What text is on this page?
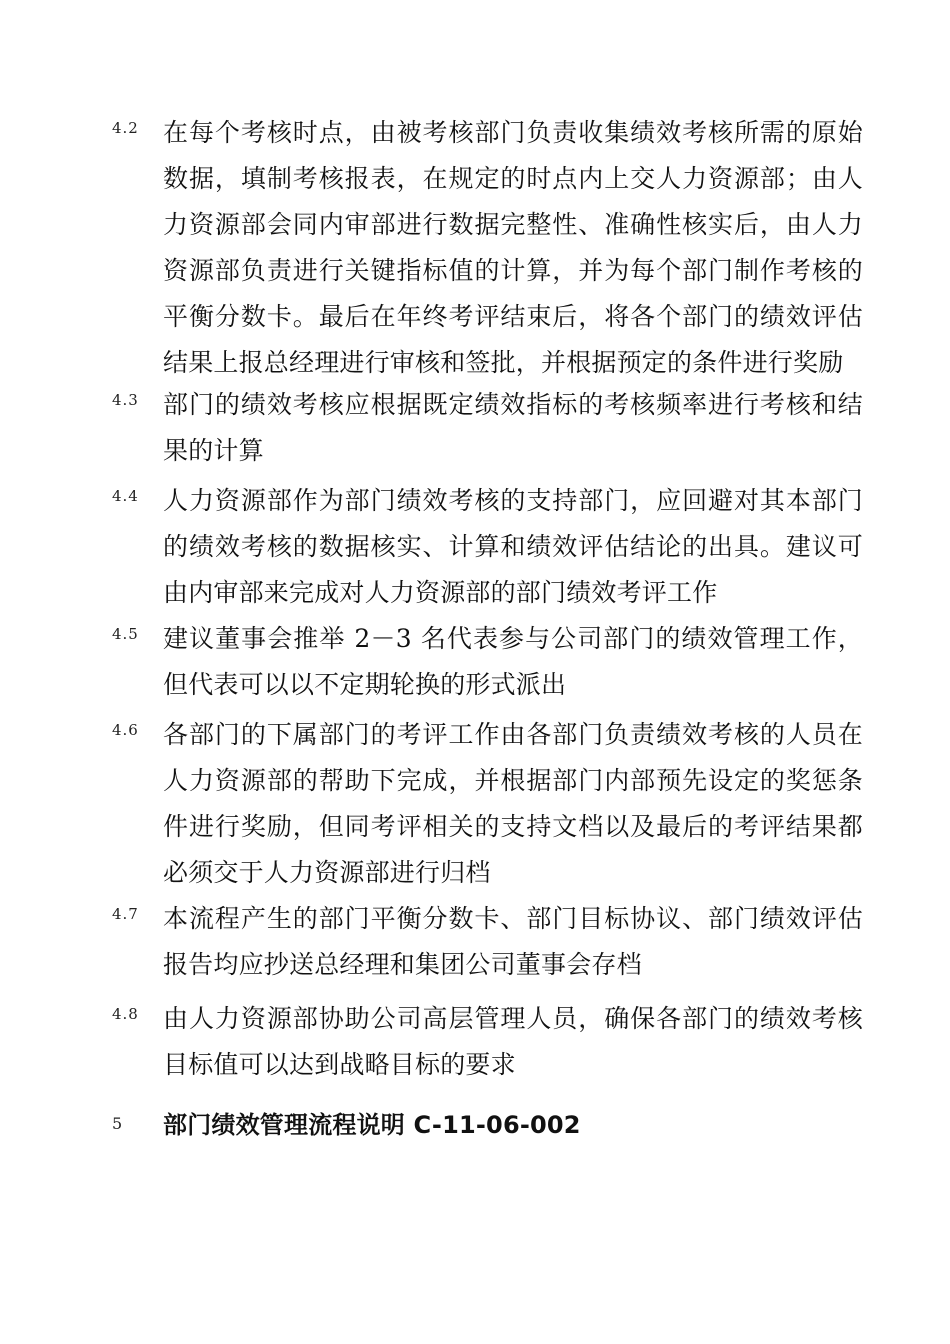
4.2 在每个考核时点，由被考核部门负责收集绩效考核所需的原始数据，填制考核报表，在规定的时点内上交人力资源部；由人力资源部会同内审部进行数据完整性、准确性核实后，由人力资源部负责进行关键指标值的计算，并为每个部门制作考核的平衡分数卡。最后在年终考评结束后，将各个部门的绩效评估结果上报总经理进行审核和签批，并根据预定的条件进行奖励
4.3 部门的绩效考核应根据既定绩效指标的考核频率进行考核和结果的计算
4.4 人力资源部作为部门绩效考核的支持部门，应回避对其本部门的绩效考核的数据核实、计算和绩效评估结论的出具。建议可由内审部来完成对人力资源部的部门绩效考评工作
4.5 建议董事会推举 2－3 名代表参与公司部门的绩效管理工作，但代表可以以不定期轮换的形式派出
4.6 各部门的下属部门的考评工作由各部门负责绩效考核的人员在人力资源部的帮助下完成，并根据部门内部预先设定的奖惩条件进行奖励，但同考评相关的支持文档以及最后的考评结果都必须交于人力资源部进行归档
4.7 本流程产生的部门平衡分数卡、部门目标协议、部门绩效评估报告均应抄送总经理和集团公司董事会存档
4.8 由人力资源部协助公司高层管理人员，确保各部门的绩效考核目标值可以达到战略目标的要求
5 部门绩效管理流程说明 C-11-06-002
